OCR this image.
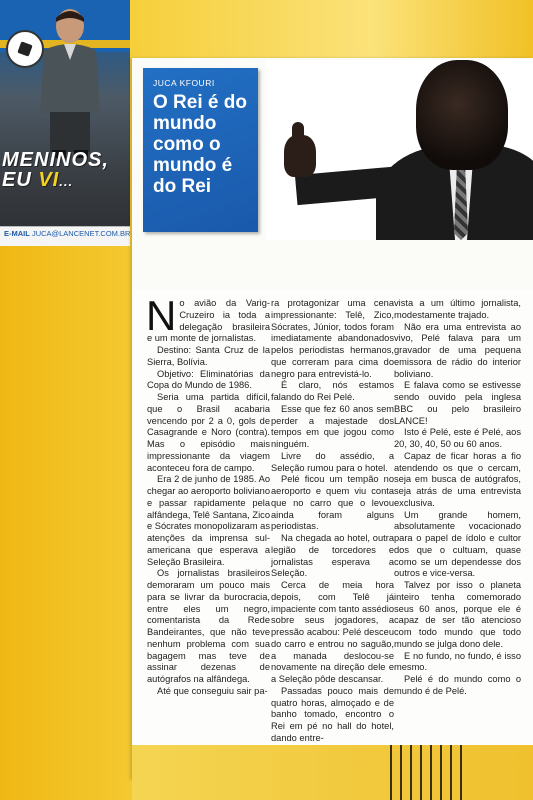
MENINOS,
EU VI...
E-MAIL JUCA@LANCENET.COM.BR
JUCA KFOURI
O Rei é do mundo como o mundo é do Rei

No avião da Varig-Cruzeiro ia toda a delegação brasileira e um monte de jornalistas.

Destino: Santa Cruz de la Sierra, Bolívia.

Objetivo: Eliminatórias da Copa do Mundo de 1986.

Seria uma partida difícil, que o Brasil acabaria vencendo por 2 a 0, gols de Casagrande e Noro (contra). Mas o episódio mais impressionante da viagem aconteceu fora de campo.

Era 2 de junho de 1985. Ao chegar ao aeroporto boliviano e passar rapidamente pela alfândega, Telê Santana, Zico e Sócrates monopolizaram as atenções da imprensa sul-americana que esperava a Seleção Brasileira.

Os jornalistas brasileiros demoraram um pouco mais para se livrar da burocracia, entre eles um negro, comentarista da Rede Bandeirantes, que não teve nenhum problema com sua bagagem mas teve de assinar dezenas de autógrafos na alfândega.

Até que conseguiu sair pa-

ra protagonizar uma cena impressionante: Telê, Zico, Sócrates, Júnior, todos foram imediatamente abandonados pelos periodistas hermanos, que correram para cima do negro para entrevistá-lo.

É claro, nós estamos falando do Rei Pelé.

Esse que fez 60 anos sem perder a majestade dos tempos em que jogou como ninguém.

Livre do assédio, a Seleção rumou para o hotel.

Pelé ficou um tempão no aeroporto e quem viu conta que no carro que o levou ainda foram alguns periodistas.

Na chegada ao hotel, outra legião de torcedores e jornalistas esperava a Seleção.

Cerca de meia hora depois, com Telê já impaciente com tanto assédio sobre seus jogadores, a pressão acabou: Pelé desceu do carro e entrou no saguão, a manada deslocou-se novamente na direção dele e a Seleção pôde descansar.

Passadas pouco mais de quatro horas, almoçado e de banho tomado, encontro o Rei em pé no hall do hotel, dando entre-

vista a um último jornalista, modestamente trajado.

Não era uma entrevista ao vivo, Pelé falava para um gravador de uma pequena emissora de rádio do interior boliviano.

E falava como se estivesse sendo ouvido pela inglesa BBC ou pelo brasileiro LANCE!

Isto é Pelé, este é Pelé, aos 20, 30, 40, 50 ou 60 anos.

Capaz de ficar horas a fio atendendo os que o cercam, seja em busca de autógrafos, seja atrás de uma entrevista exclusiva.

Um grande homem, absolutamente vocacionado para o papel de ídolo e cultor dos que o cultuam, quase como se um dependesse dos outros e vice-versa.

Talvez por isso o planeta inteiro tenha comemorado seus 60 anos, porque ele é capaz de ser tão atencioso com todo mundo que todo mundo se julga dono dele.

E no fundo, no fundo, é isso mesmo.

Pelé é do mundo como o mundo é de Pelé.
